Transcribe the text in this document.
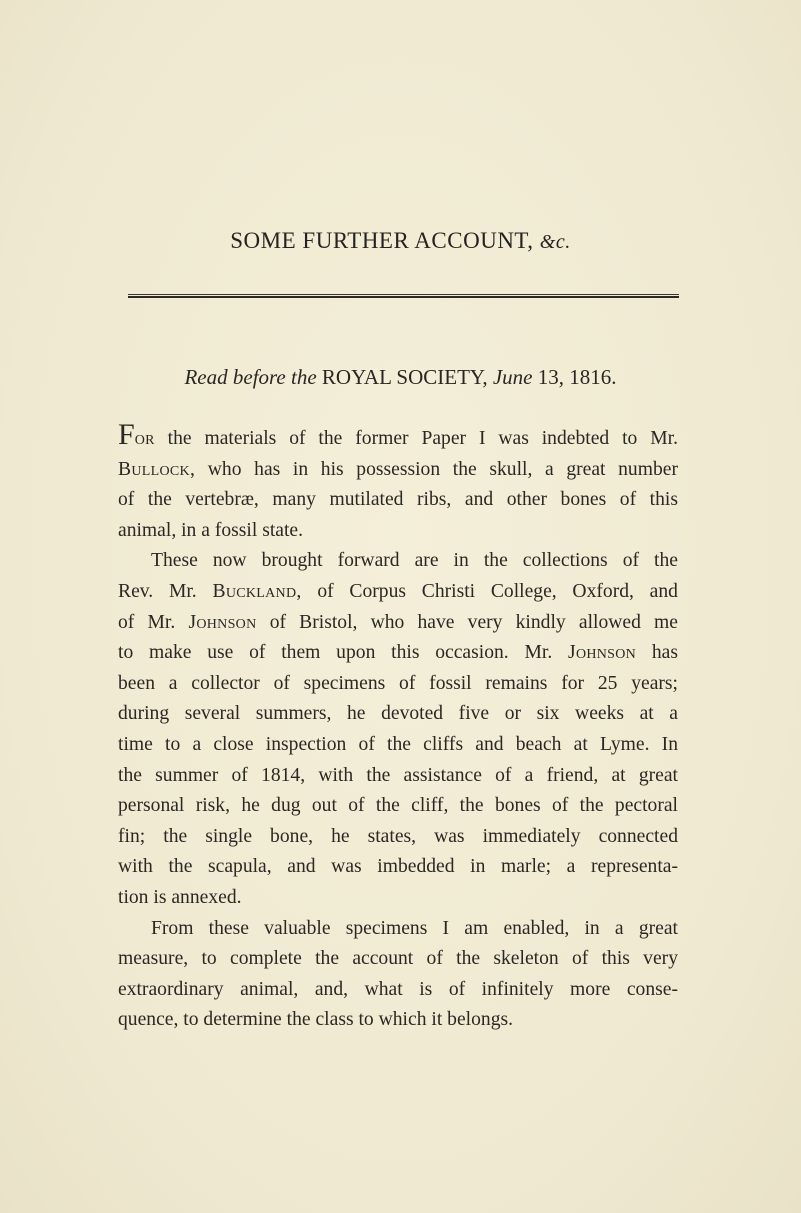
SOME FURTHER ACCOUNT, &c.
Read before the ROYAL SOCIETY, June 13, 1816.
For the materials of the former Paper I was indebted to Mr.
Bullock, who has in his possession the skull, a great number
of the vertebræ, many mutilated ribs, and other bones of this
animal, in a fossil state.
These now brought forward are in the collections of the
Rev. Mr. Buckland, of Corpus Christi College, Oxford, and
of Mr. Johnson of Bristol, who have very kindly allowed me
to make use of them upon this occasion. Mr. Johnson has
been a collector of specimens of fossil remains for 25 years;
during several summers, he devoted five or six weeks at a
time to a close inspection of the cliffs and beach at Lyme. In
the summer of 1814, with the assistance of a friend, at great
personal risk, he dug out of the cliff, the bones of the pectoral
fin; the single bone, he states, was immediately connected
with the scapula, and was imbedded in marle; a representa-
tion is annexed.
From these valuable specimens I am enabled, in a great
measure, to complete the account of the skeleton of this very
extraordinary animal, and, what is of infinitely more conse-
quence, to determine the class to which it belongs.
